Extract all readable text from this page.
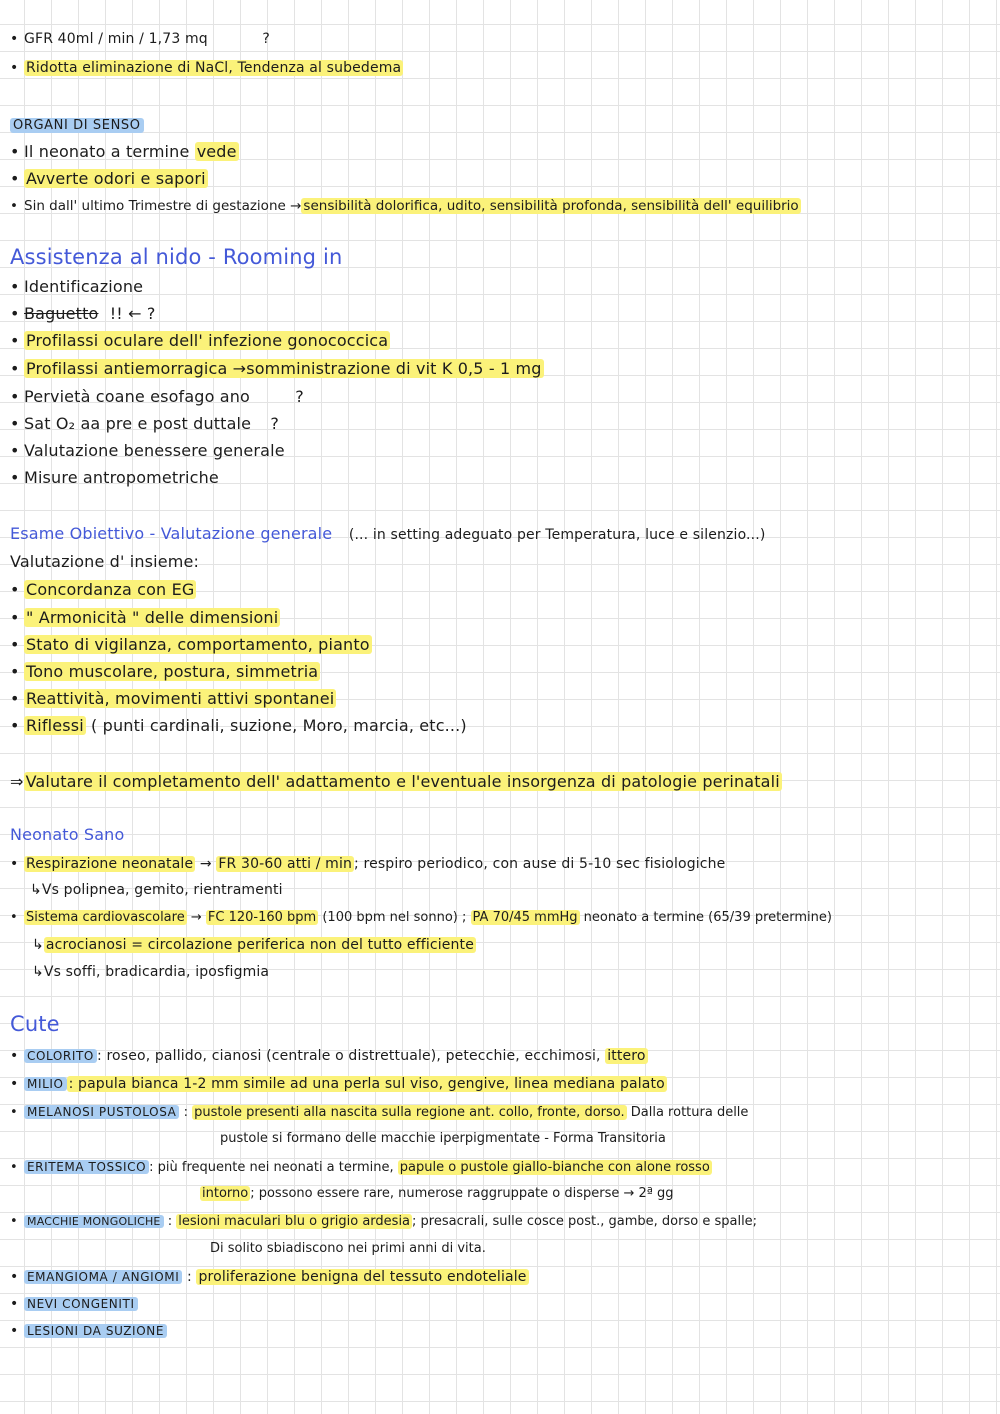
• GFR 40ml / min / 1,73 mq	?
• Ridotta eliminazione di NaCl, Tendenza al subedema
ORGANI DI SENSO
• Il neonato a termine vede
• Avverte odori e sapori
• Sin dall' ultimo Trimestre di gestazione →sensibilità dolorifica, udito, sensibilità profonda, sensibilità dell' equilibrio
Assistenza al nido - Rooming in
• Identificazione
• Baguetto !! ← ?
• Profilassi oculare dell' infezione gonococcica
• Profilassi antiemorragica →somministrazione di vit K 0,5 - 1 mg
• Pervietà coane esofago ano	?
• Sat O₂ aa pre e post duttale ?
• Valutazione benessere generale
• Misure antropometriche
Esame Obiettivo - Valutazione generale (... in setting adeguato per Temperatura, luce e silenzio...)
Valutazione d' insieme:
• Concordanza con EG
• " Armonicità " delle dimensioni
• Stato di vigilanza, comportamento, pianto
• Tono muscolare, postura, simmetria
• Reattività, movimenti attivi spontanei
• Riflessi ( punti cardinali, suzione, Moro, marcia, etc...)
⇒Valutare il completamento dell' adattamento e l'eventuale insorgenza di patologie perinatali
Neonato Sano
• Respirazione neonatale → FR 30-60 atti / min ; respiro periodico, con ause di 5-10 sec fisiologiche
↳Vs polipnea, gemito, rientramenti
• Sistema cardiovascolare → FC 120-160 bpm (100 bpm nel sonno) ; PA 70/45 mmHg neonato a termine (65/39 pretermine)
↳acrocianosi = circolazione periferica non del tutto efficiente
↳Vs soffi, bradicardia, iposfigmia
Cute
• COLORITO : roseo, pallido, cianosi (centrale o distrettuale), petecchie, ecchimosi, ittero
• MILIO : papula bianca 1-2 mm simile ad una perla sul viso, gengive, linea mediana palato
• MELANOSI PUSTOLOSA : pustole presenti alla nascita sulla regione ant. collo, fronte, dorso. Dalla rottura delle
pustole si formano delle macchie iperpigmentate - Forma Transitoria
• ERITEMA TOSSICO : più frequente nei neonati a termine, papule o pustole giallo-bianche con alone rosso
intorno ; possono essere rare, numerose raggruppate o disperse → 2ª gg
• MACCHIE MONGOLICHE : lesioni maculari blu o grigio ardesia ; presacrali, sulle cosce post., gambe, dorso e spalle;
Di solito sbiadiscono nei primi anni di vita.
• EMANGIOMA / ANGIOMI : proliferazione benigna del tessuto endoteliale
• NEVI CONGENITI
• LESIONI DA SUZIONE
